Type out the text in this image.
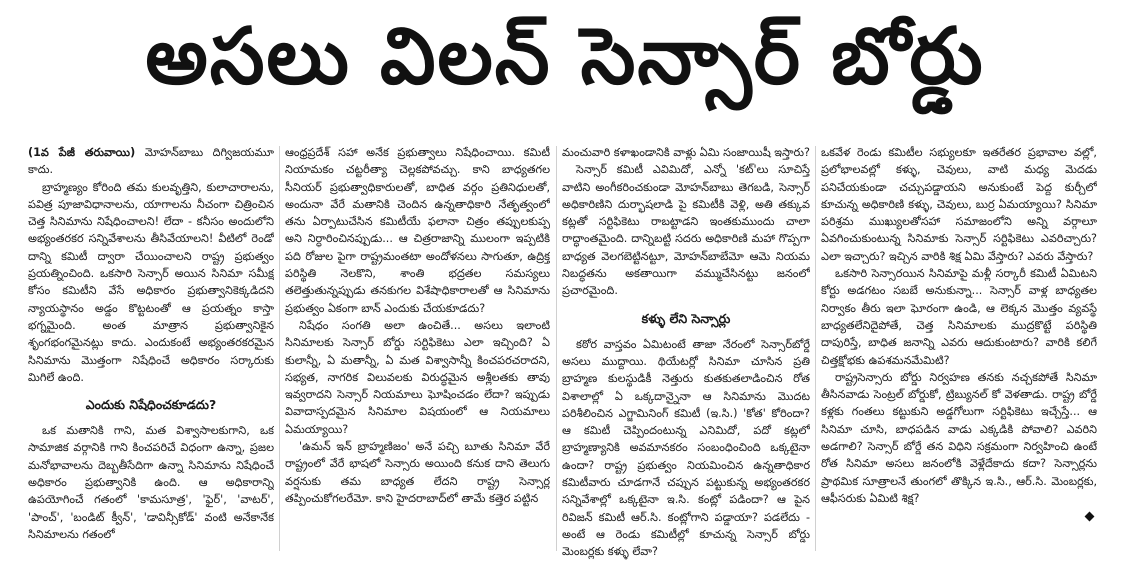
అసలు విలన్ సెన్సార్ బోర్డు

(1వ పేజీ తరువాయి) మోహన్‌బాబు దిగ్విజయమూ కాదు.

బ్రాహ్మణ్యం కోరింది తమ కులవృత్తిని, కులాచారాలను, పవిత్ర పూజావిధానాలను, యాగాలను నీచంగా చిత్రించిన చెత్త సినిమాను నిషేధించాలని! లేదా - కనీసం అందులోని అభ్యంతరకర సన్నివేశాలను తీసివేయాలని! వీటిలో రెండో దాన్ని కమిటీ ద్వారా చేయించాలని రాష్ట్ర ప్రభుత్వం ప్రయత్నించింది. ఒకసారి సెన్సార్ అయిన సినిమా సమీక్ష కోసం కమిటీని వేసే అధికారం ప్రభుత్వానికెక్కడిదని న్యాయస్థానం అడ్డం కొట్టటంతో ఆ ప్రయత్నం కాస్తా భగ్నమైంది. అంత మాత్రాన ప్రభుత్వానికైన శృంగభంగమైనట్లు కాదు. ఎందుకంటే అభ్యంతరకరమైన సినిమాను మొత్తంగా నిషేధించే అధికారం సర్కారుకు మిగిలే ఉంది.

ఎందుకు నిషేధించకూడదు?

ఒక మతానికి గాని, మత విశ్వాసాలకుగాని, ఒక సామాజిక వర్గానికి గాని కించపరిచే విధంగా ఉన్నా, ప్రజల మనోభావాలను దెబ్బతీసేదిగా ఉన్నా సినిమాను నిషేధించే అధికారం ప్రభుత్వానికి ఉంది. ఆ అధికారాన్ని ఉపయోగించే గతంలో 'కామసూత్ర', 'ఫైర్', 'వాటర్', 'పాంచ్', 'బండిట్ క్వీన్', 'డావిన్సీకోడ్' వంటి అనేకానేక సినిమాలను గతంలో

ఆంధ్రప్రదేశ్ సహా అనేక ప్రభుత్వాలు నిషేధించాయి. కమిటీ నియామకం చట్టరీత్యా చెల్లకపోవచ్చు. కాని బాధ్యతగల సీనియర్ ప్రభుత్వాధికారులతో, బాధిత వర్గం ప్రతినిధులతో, అందునా వేరే మతానికి చెందిన ఉన్నతాధికారి నేతృత్వంలో తను ఏర్పాటుచేసిన కమిటీయే ఫలానా చిత్రం తప్పులకుప్ప అని నిర్ధారించినప్పుడు... ఆ చిత్రరాజాన్ని ములంగా ఇప్పటికి పది రోజుల పైగా రాష్ట్రమంతటా అందోళనలు సాగుతూ, ఉద్రిక్త పరిస్థితి నెలకొని, శాంతి భద్రతల సమస్యలు తలెత్తుతున్నప్పుడు తనకుగల విశేషాధికారాలతో ఆ సినిమాను ప్రభుత్వం ఏకంగా బాన్ ఎందుకు చేయకూడదు?

నిషేధం సంగతి అలా ఉంచితే... అసలు ఇలాంటి సినిమాలకు సెన్సార్ బోర్డు సర్టిఫికెటు ఎలా ఇచ్చింది? ఏ కులాన్నీ, ఏ మతాన్నీ, ఏ మత విశ్వాసాన్నీ కించపరచరాదని, సభ్యత, నాగరిక విలువలకు విరుద్ధమైన అశ్లీలతకు తావు ఇవ్వరాదని సెన్సార్ నియమాలు ఘోషించడం లేదా? ఇప్పుడు వివాదాస్పదమైన సినిమాల విషయంలో ఆ నియమాలు ఏమయ్యాయి?

'ఉమన్ ఇన్ బ్రాహ్మణిజం' అనే పచ్చి బూతు సినిమా వేరే రాష్ట్రంలో వేరే భాషలో సెన్సారు అయింది కనుక దాని తెలుగు వర్షనుకు తమ బాధ్యత లేదని రాష్ట్ర సెన్సార్ల తప్పించుకోగలరేమో. కాని హైదరాబాద్‌లో తామే కత్తెర పట్టిన

మంచువారి కళాఖండానికి వాళ్లు ఏమి సంజాయిషీ ఇస్తారు?

సెన్సార్ కమిటీ ఎవిమిదో, ఎన్నో 'కట్'లు సూచిస్తే వాటిని అంగీకరించకుండా మోహన్‌బాబు తెగబడి, సెన్సార్ అధికారిణిని దుర్భాషలాడి పై కమిటీకి వెళ్లి, అతి తక్కువ కట్లతో సర్టిఫికెటు రాబట్టాడని ఇంతకుముందు చాలా రాద్ధాంతమైంది. దాన్నిబట్టి సదరు అధికారిణి మహా గొప్పగా బాధ్యత వెలగబెట్టినట్టూ, మోహన్‌బాబేమో ఆమె నియమ నిబద్ధతను అకతాయిగా వమ్ముచేసినట్టు జనంలో ప్రచారమైంది.

కళ్ళు లేని సెన్సార్లు

కఠోర వాస్తవం ఏమిటంటే తాజా నేరంలో సెన్సార్‌బోర్డే అసలు ముద్దాయి. థియేటర్లో సినిమా చూసిన ప్రతి బ్రాహ్మణ కులస్థుడికీ నెత్తురు కుతకుతలాడించిన రోత విశాలాల్లో ఏ ఒక్కదాన్నైనా ఆ సినిమాను మొదట పరిశీలించిన ఎగ్జామినింగ్ కమిటీ (ఇ.సి.) 'కోత' కోరిందా? ఆ కమిటీ చెప్పిందంటున్న ఎనిమిదో, పదో కట్లలో బ్రాహ్మణ్యానికి అవమానకరం సంబంధించింది ఒక్కటైనా ఉందా? రాష్ట్ర ప్రభుత్వం నియమించిన ఉన్నతాధికార కమిటీవారు చూడగానే చప్పున పట్టుకున్న అభ్యంతరకర సన్నివేశాల్లో ఒక్కటైనా ఇ.సి. కంట్లో పడిందా? ఆ పైన రివిజన్ కమిటీ ఆర్.సి. కంట్లోగాని పడ్డాయా? పడలేదు - అంటే ఆ రెండు కమిటీల్లో కూచున్న సెన్సార్ బోర్డు మెంబర్లకు కళ్ళు లేవా?

ఒకవేళ రెండు కమిటీల సభ్యులకూ ఇతరేతర ప్రభావాల వల్లో, ప్రలోభాలవల్లో కళ్ళు, చెవులు, వాటి మధ్య మెదడు పనిచేయకుండా చచ్చుపడ్డాయని అనుకుంటే పెద్ద కుర్చీలో కూచున్న అధికారిణి కళ్ళు, చెవులు, బుర్ర ఏమయ్యాయి? సినిమా పరిశ్రమ ముఖ్యులతోసహా సమాజంలోని అన్ని వర్గాలూ ఏవగించుకుంటున్న సినిమాకు సెన్సార్ సర్టిఫికెటు ఎవరిచ్చారు? ఎలా ఇచ్చారు? ఇచ్చిన వారికి శిక్ష ఏమి వేస్తారు? ఎవరు వేస్తారు?

ఒకసారి సెన్సారయిన సినిమాపై మళ్లీ సర్కారీ కమిటీ ఏమిటని కోర్టు అడగటం సబబే అనుకున్నా... సెన్సార్ వాళ్ల బాధ్యతల నిర్వాకం తీరు ఇలా ఘోరంగా ఉండి, ఆ లెక్కన మొత్తం వ్యవస్థే బాధ్యతలేనిదైపోతే, చెత్త సినిమాలకు ముద్రకొట్టే పరిస్థితి దాపురిస్తే, బాధిత జనాన్ని ఎవరు ఆదుకుంటారు? వారికి కలిగే చిత్తక్షోభకు ఉపశమనమేమిటి?

రాష్ట్రసెన్సారు బోర్డు నిర్వహణ తనకు నచ్చకపోతే సినిమా తీసినవాడు సెంట్రల్ బోర్డుకో, ట్రిబ్యునల్ కో వెళతాడు. రాష్ట్ర బోర్డే కళ్లకు గంతలు కట్టుకుని అడ్డగోలుగా సర్టిఫికెటు ఇచ్చేస్తే... ఆ సినిమా చూసి, బాధపడిన వాడు ఎక్కడికి పోవాలి? ఎవరిని అడగాలి? సెన్సార్ బోర్డే తన విధిని సక్రమంగా నిర్వహించి ఉంటే రోత సినిమా అసలు జనంలోకి వెళ్లేదేకాదు కదా? సెన్సార్లను ప్రాథమిక సూత్రాలనే తుంగలో తొక్కిన ఇ.సి., ఆర్.సి. మెంబర్లకు, ఆఫీసరుకు ఏమిటి శిక్ష?
